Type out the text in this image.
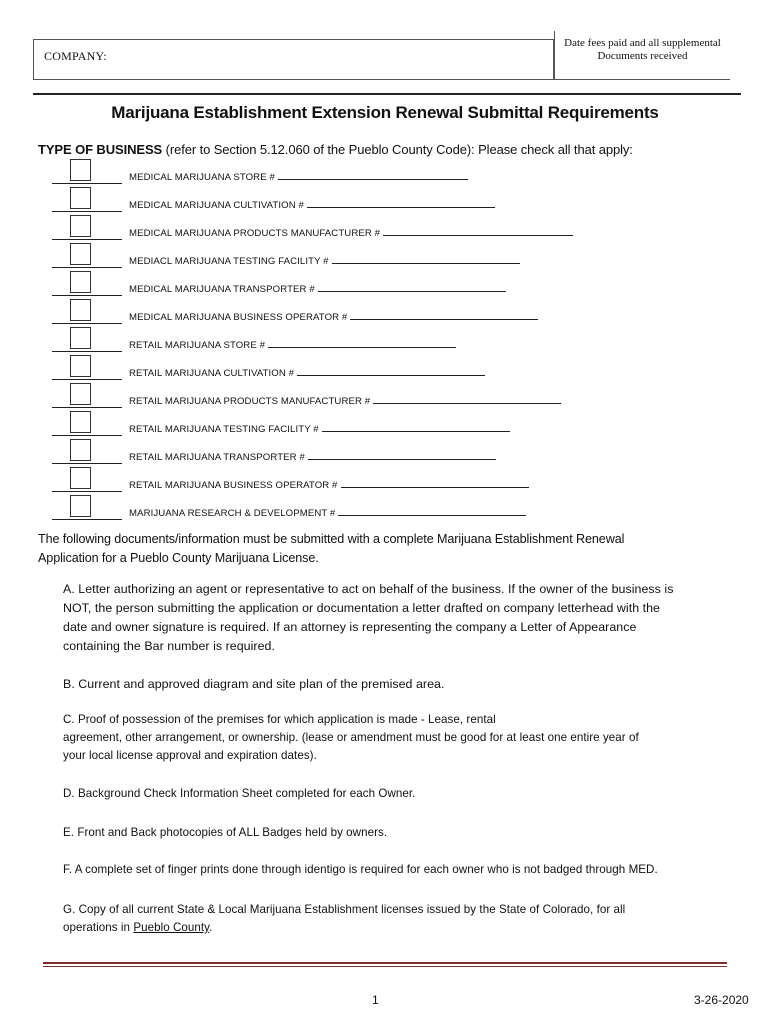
COMPANY:
Date fees paid and all supplemental
Documents received
Marijuana Establishment Extension Renewal Submittal Requirements
TYPE OF BUSINESS (refer to Section 5.12.060 of the Pueblo County Code): Please check all that apply:
MEDICAL MARIJUANA STORE #
MEDICAL MARIJUANA CULTIVATION #
MEDICAL MARIJUANA PRODUCTS MANUFACTURER #
MEDIACL MARIJUANA TESTING FACILITY #
MEDICAL MARIJUANA TRANSPORTER #
MEDICAL MARIJUANA BUSINESS OPERATOR #
RETAIL MARIJUANA STORE #
RETAIL MARIJUANA CULTIVATION #
RETAIL MARIJUANA PRODUCTS MANUFACTURER #
RETAIL MARIJUANA TESTING FACILITY #
RETAIL MARIJUANA TRANSPORTER #
RETAIL MARIJUANA BUSINESS OPERATOR #
MARIJUANA RESEARCH & DEVELOPMENT #
The following documents/information must be submitted with a complete Marijuana Establishment Renewal
Application for a Pueblo County Marijuana License.
A. Letter authorizing an agent or representative to act on behalf of the business. If the owner of the business is
NOT, the person submitting the application or documentation a letter drafted on company letterhead with the
date and owner signature is required. If an attorney is representing the company a Letter of Appearance
containing the Bar number is required.
B. Current and approved diagram and site plan of the premised area.
C. Proof of possession of the premises for which application is made - Lease, rental
agreement, other arrangement, or ownership. (lease or amendment must be good for at least one entire year of
your local license approval and expiration dates).
D. Background Check Information Sheet completed for each Owner.
E. Front and Back photocopies of ALL Badges held by owners.
F. A complete set of finger prints done through identigo is required for each owner who is not badged through MED.
G. Copy of all current State & Local Marijuana Establishment licenses issued by the State of Colorado, for all
operations in Pueblo County.
1	3-26-2020
